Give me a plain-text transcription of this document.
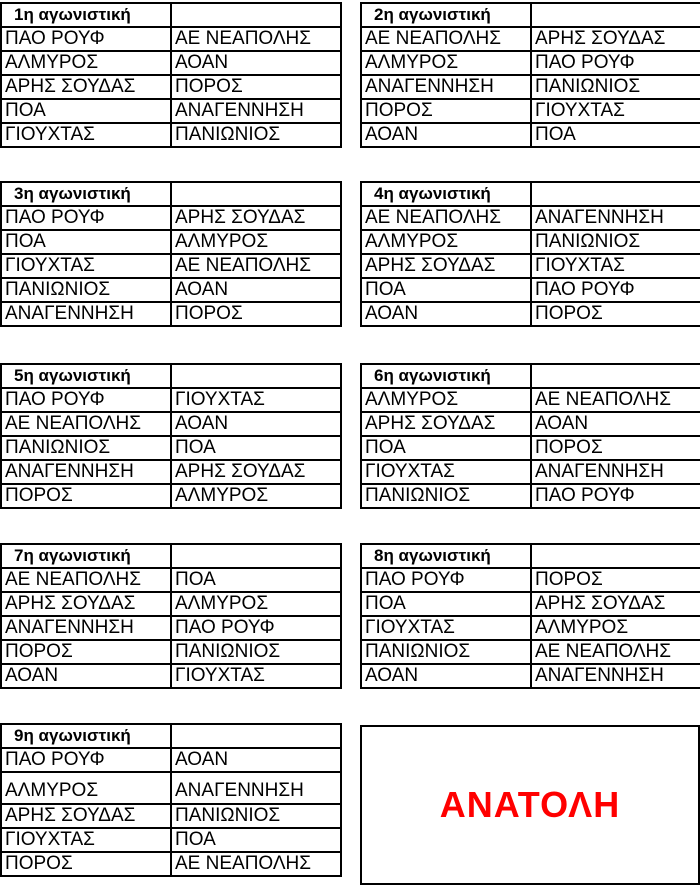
1η αγωνιστική	
ΠΑΟ ΡΟΥΦ	ΑΕ ΝΕΑΠΟΛΗΣ
ΑΛΜΥΡΟΣ	ΑΟΑΝ
ΑΡΗΣ ΣΟΥΔΑΣ	ΠΟΡΟΣ
ΠΟΑ	ΑΝΑΓΕΝΝΗΣΗ
ΓΙΟΥΧΤΑΣ	ΠΑΝΙΩΝΙΟΣ
2η αγωνιστική	
ΑΕ ΝΕΑΠΟΛΗΣ	ΑΡΗΣ ΣΟΥΔΑΣ
ΑΛΜΥΡΟΣ	ΠΑΟ ΡΟΥΦ
ΑΝΑΓΕΝΝΗΣΗ	ΠΑΝΙΩΝΙΟΣ
ΠΟΡΟΣ	ΓΙΟΥΧΤΑΣ
ΑΟΑΝ	ΠΟΑ
3η αγωνιστική	
ΠΑΟ ΡΟΥΦ	ΑΡΗΣ ΣΟΥΔΑΣ
ΠΟΑ	ΑΛΜΥΡΟΣ
ΓΙΟΥΧΤΑΣ	ΑΕ ΝΕΑΠΟΛΗΣ
ΠΑΝΙΩΝΙΟΣ	ΑΟΑΝ
ΑΝΑΓΕΝΝΗΣΗ	ΠΟΡΟΣ
4η αγωνιστική	
ΑΕ ΝΕΑΠΟΛΗΣ	ΑΝΑΓΕΝΝΗΣΗ
ΑΛΜΥΡΟΣ	ΠΑΝΙΩΝΙΟΣ
ΑΡΗΣ ΣΟΥΔΑΣ	ΓΙΟΥΧΤΑΣ
ΠΟΑ	ΠΑΟ ΡΟΥΦ
ΑΟΑΝ	ΠΟΡΟΣ
5η αγωνιστική	
ΠΑΟ ΡΟΥΦ	ΓΙΟΥΧΤΑΣ
ΑΕ ΝΕΑΠΟΛΗΣ	ΑΟΑΝ
ΠΑΝΙΩΝΙΟΣ	ΠΟΑ
ΑΝΑΓΕΝΝΗΣΗ	ΑΡΗΣ ΣΟΥΔΑΣ
ΠΟΡΟΣ	ΑΛΜΥΡΟΣ
6η αγωνιστική	
ΑΛΜΥΡΟΣ	ΑΕ ΝΕΑΠΟΛΗΣ
ΑΡΗΣ ΣΟΥΔΑΣ	ΑΟΑΝ
ΠΟΑ	ΠΟΡΟΣ
ΓΙΟΥΧΤΑΣ	ΑΝΑΓΕΝΝΗΣΗ
ΠΑΝΙΩΝΙΟΣ	ΠΑΟ ΡΟΥΦ
7η αγωνιστική	
ΑΕ ΝΕΑΠΟΛΗΣ	ΠΟΑ
ΑΡΗΣ ΣΟΥΔΑΣ	ΑΛΜΥΡΟΣ
ΑΝΑΓΕΝΝΗΣΗ	ΠΑΟ ΡΟΥΦ
ΠΟΡΟΣ	ΠΑΝΙΩΝΙΟΣ
ΑΟΑΝ	ΓΙΟΥΧΤΑΣ
8η αγωνιστική	
ΠΑΟ ΡΟΥΦ	ΠΟΡΟΣ
ΠΟΑ	ΑΡΗΣ ΣΟΥΔΑΣ
ΓΙΟΥΧΤΑΣ	ΑΛΜΥΡΟΣ
ΠΑΝΙΩΝΙΟΣ	ΑΕ ΝΕΑΠΟΛΗΣ
ΑΟΑΝ	ΑΝΑΓΕΝΝΗΣΗ
9η αγωνιστική	
ΠΑΟ ΡΟΥΦ	ΑΟΑΝ
ΑΛΜΥΡΟΣ	ΑΝΑΓΕΝΝΗΣΗ
ΑΡΗΣ ΣΟΥΔΑΣ	ΠΑΝΙΩΝΙΟΣ
ΓΙΟΥΧΤΑΣ	ΠΟΑ
ΠΟΡΟΣ	ΑΕ ΝΕΑΠΟΛΗΣ
ΑΝΑΤΟΛΗ
